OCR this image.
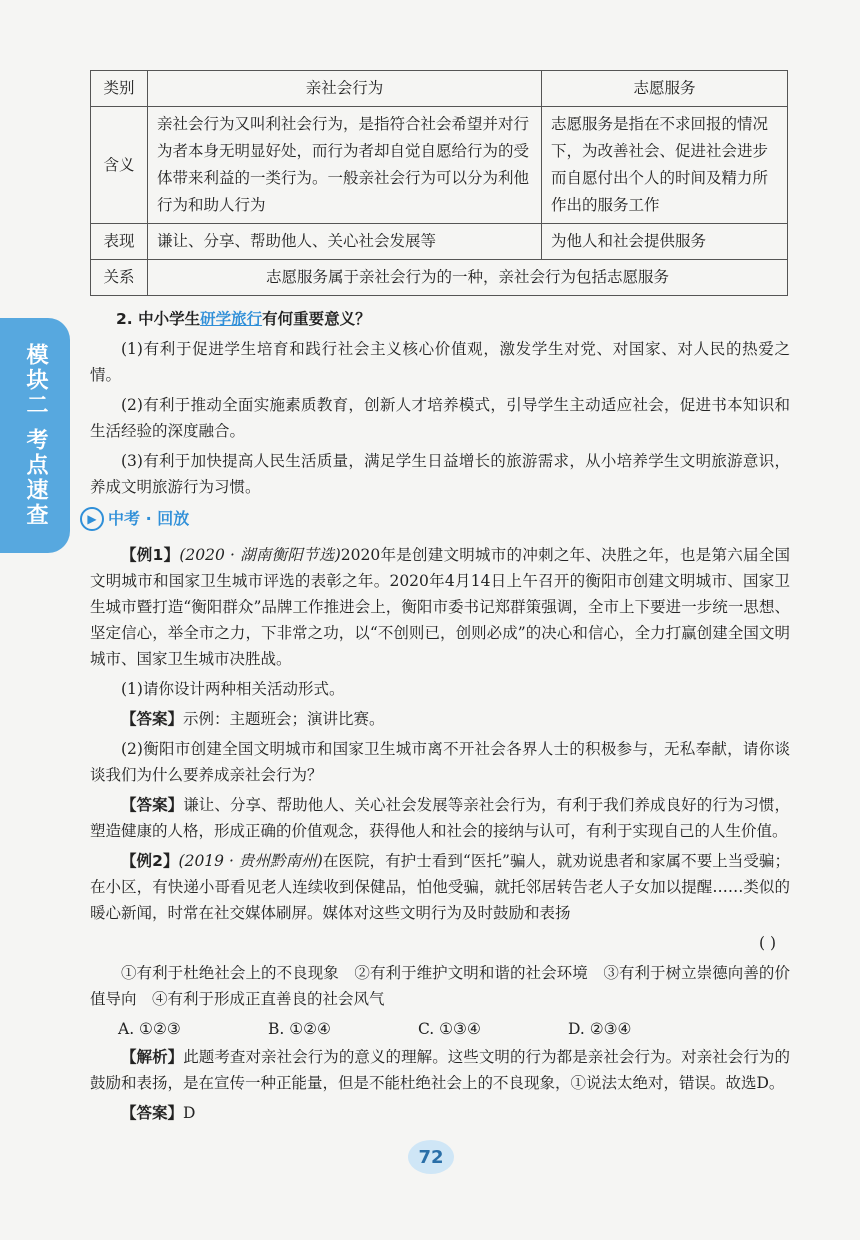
模块二
考点速查
类别	亲社会行为	志愿服务
含义	亲社会行为又叫利社会行为，是指符合社会希望并对行为者本身无明显好处，而行为者却自觉自愿给行为的受体带来利益的一类行为。一般亲社会行为可以分为利他行为和助人行为	志愿服务是指在不求回报的情况下，为改善社会、促进社会进步而自愿付出个人的时间及精力所作出的服务工作
表现	谦让、分享、帮助他人、关心社会发展等	为他人和社会提供服务
关系	志愿服务属于亲社会行为的一种，亲社会行为包括志愿服务	

2. 中小学生研学旅行有何重要意义？

(1)有利于促进学生培育和践行社会主义核心价值观，激发学生对党、对国家、对人民的热爱之情。

(2)有利于推动全面实施素质教育，创新人才培养模式，引导学生主动适应社会，促进书本知识和生活经验的深度融合。

(3)有利于加快提高人民生活质量，满足学生日益增长的旅游需求，从小培养学生文明旅游意识，养成文明旅游行为习惯。

▶ 中考 · 回放

【例1】(2020 · 湖南衡阳节选)2020年是创建文明城市的冲刺之年、决胜之年，也是第六届全国文明城市和国家卫生城市评选的表彰之年。2020年4月14日上午召开的衡阳市创建文明城市、国家卫生城市暨打造“衡阳群众”品牌工作推进会上，衡阳市委书记郑群策强调，全市上下要进一步统一思想、坚定信心，举全市之力，下非常之功，以“不创则已，创则必成”的决心和信心，全力打赢创建全国文明城市、国家卫生城市决胜战。

(1)请你设计两种相关活动形式。

【答案】示例：主题班会；演讲比赛。

(2)衡阳市创建全国文明城市和国家卫生城市离不开社会各界人士的积极参与，无私奉献，请你谈谈我们为什么要养成亲社会行为？

【答案】谦让、分享、帮助他人、关心社会发展等亲社会行为，有利于我们养成良好的行为习惯，塑造健康的人格，形成正确的价值观念，获得他人和社会的接纳与认可，有利于实现自己的人生价值。

【例2】(2019 · 贵州黔南州)在医院，有护士看到“医托”骗人，就劝说患者和家属不要上当受骗；在小区，有快递小哥看见老人连续收到保健品，怕他受骗，就托邻居转告老人子女加以提醒……类似的暖心新闻，时常在社交媒体刷屏。媒体对这些文明行为及时鼓励和表扬

( )

①有利于杜绝社会上的不良现象　②有利于维护文明和谐的社会环境　③有利于树立崇德向善的价值导向　④有利于形成正直善良的社会风气

A. ①②③	B. ①②④	C. ①③④	D. ②③④

【解析】此题考查对亲社会行为的意义的理解。这些文明的行为都是亲社会行为。对亲社会行为的鼓励和表扬，是在宣传一种正能量，但是不能杜绝社会上的不良现象，①说法太绝对，错误。故选D。

【答案】D

72
